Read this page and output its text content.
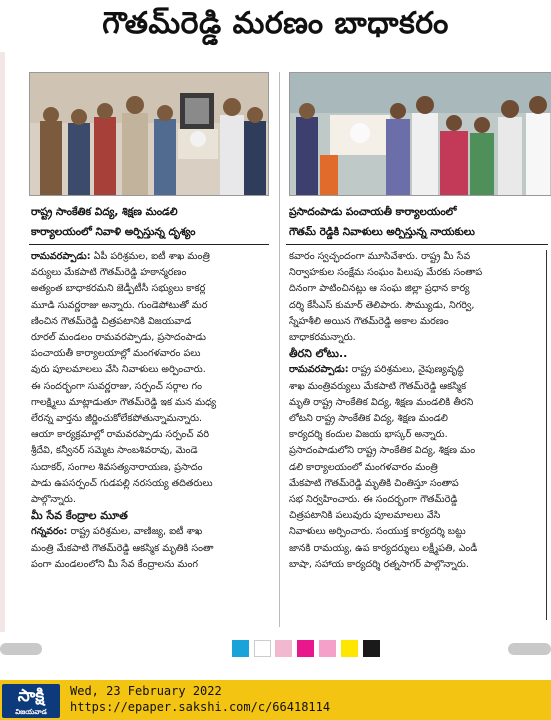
గౌతమ్‌రెడ్డి మరణం బాధాకరం
రాష్ట్ర సాంకేతిక విద్య, శిక్షణ మండలి
కార్యాలయంలో నివాళి అర్పిస్తున్న దృశ్యం
ప్రసాదంపాడు పంచాయతీ కార్యాలయంలో
గౌతమ్ రెడ్డికి నివాళులు అర్పిస్తున్న నాయకులు
రామవరప్పాడు: ఏపీ పరిశ్రమల, ఐటీ శాఖ మంత్రి
వర్యులు మేకపాటి గౌతమ్‌రెడ్డి హఠాన్మరణం
అత్యంత బాధాకరమని జెడ్పీటీసీ సభ్యులు కాకర్ల
మూడి సువర్ణరాజు అన్నారు. గుండెపోటుతో మర
ణించిన గౌతమ్‌రెడ్డి చిత్రపటానికి విజయవాడ
రూరల్ మండలం రామవరప్పాడు, ప్రసాదంపాడు
పంచాయతీ కార్యాలయాల్లో మంగళవారం పలు
వురు పూలమాలలు వేసి నివాళులు అర్పించారు.
ఈ సందర్భంగా సువర్ణరాజు, సర్పంచ్ సర్గాల గం
గాలక్ష్మిలు మాట్లాడుతూ గౌతమ్‌రెడ్డి ఇక మన మధ్య
లేరన్న వార్తను జీర్ణించుకోలేకపోతున్నామన్నారు.
ఆయా కార్యక్రమాల్లో రామవరప్పాడు సర్పంచ్ వరి
శ్రీదేవి, కన్వీనర్ సమ్మెట సాంబశివరావు, మెండె
సుదాకర్, సంగాల శివసత్యనారాయణ, ప్రసాదం
పాడు ఉపసర్పంచ్ గుడపల్లి నరసయ్య తదితరులు
పాల్గొన్నారు.
మీ సేవ కేంద్రాల మూత
గన్నవరం: రాష్ట్ర పరిశ్రమల, వాణిజ్య, ఐటీ శాఖ
మంత్రి మేకపాటి గౌతమ్‌రెడ్డి ఆకస్మిక మృతికి సంతా
పంగా మండలంలోని మీ సేవ కేంద్రాలను మంగ
కవారం స్వచ్ఛందంగా మూసివేశారు. రాష్ట్ర మీ సేవ
నిర్వాహకుల సంక్షేమ సంఘం పిలుపు మేరకు సంతాప
దినంగా పాటించినట్లు ఆ సంఘ జిల్లా ప్రధాన కార్య
దర్శి కే‌సీ‌ఎస్ కుమార్ తెలిపారు. సౌమ్యుడు, నిగర్వి,
స్నేహశీలి అయిన గౌతమ్‌రెడ్డి అకాల మరణం
బాధాకరమన్నారు.
తీరని లోటు..
రామవరప్పాడు: రాష్ట్ర పరిశ్రమలు, నైపుణ్యవృద్ధి
శాఖ మంత్రివర్యులు మేకపాటి గౌతమ్‌రెడ్డి ఆకస్మిక
మృతి రాష్ట్ర సాంకేతిక విద్య, శిక్షణ మండలికి తీరని
లోటని రాష్ట్ర సాంకేతిక విద్య, శిక్షణ మండలి
కార్యదర్శి కందుల విజయ భాస్కర్ అన్నారు.
ప్రసాదంపాడులోని రాష్ట్ర సాంకేతిక విద్య, శిక్షణ మం
డలి కార్యాలయంలో మంగళవారం మంత్రి
మేకపాటి గౌతమ్‌రెడ్డి మృతికి చింతిస్తూ సంతాప
సభ నిర్వహించారు. ఈ సందర్భంగా గౌతమ్‌రెడ్డి
చిత్రపటానికి పలువురు పూలమాలలు వేసి
నివాళులు అర్పించారు. సంయుక్త కార్యదర్శి బట్టు
జానకి రామయ్య, ఉప కార్యదర్శులు లక్ష్మీపతి, ఎండీ
బాషా, సహాయ కార్యదర్శి రత్నసాగర్ పాల్గొన్నారు.
సాక్షి
విజయవాడ
Wed, 23 February 2022
https://epaper.sakshi.com/c/66418114
